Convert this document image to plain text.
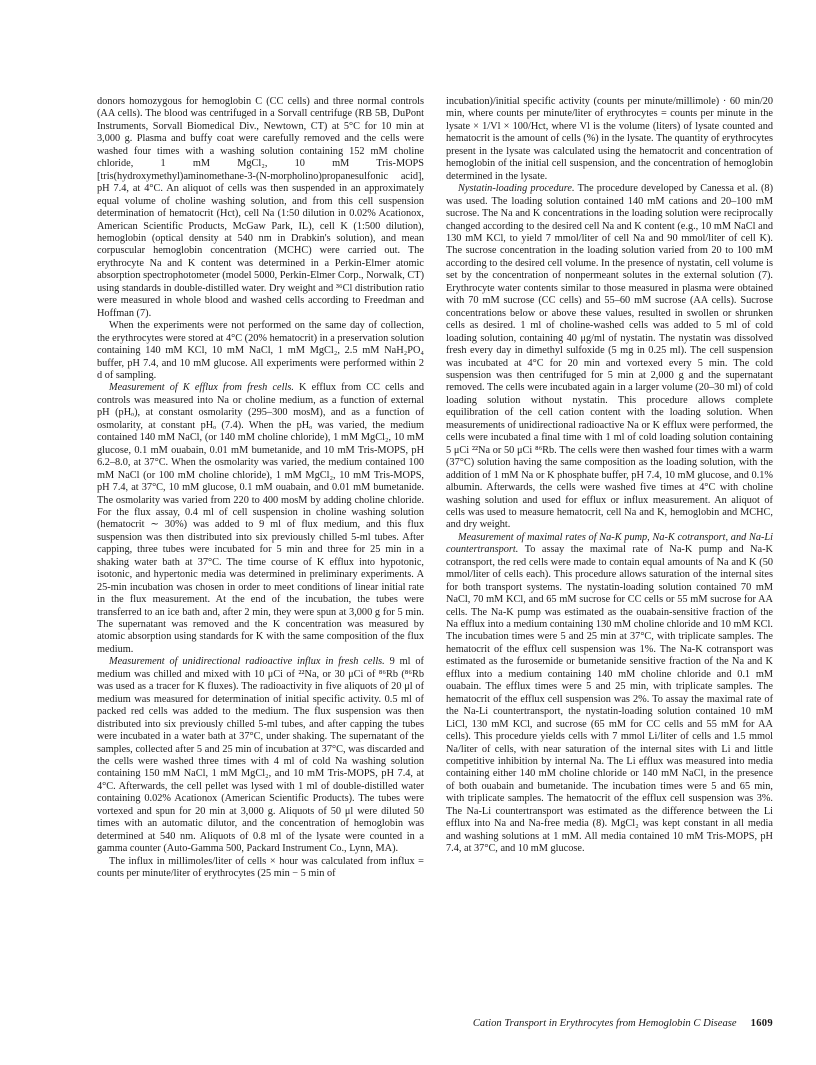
donors homozygous for hemoglobin C (CC cells) and three normal controls (AA cells). The blood was centrifuged in a Sorvall centrifuge (RB 5B, DuPont Instruments, Sorvall Biomedical Div., Newtown, CT) at 5°C for 10 min at 3,000 g. Plasma and buffy coat were carefully removed and the cells were washed four times with a washing solution containing 152 mM choline chloride, 1 mM MgCl₂, 10 mM Tris-MOPS [tris(hydroxymethyl)aminomethane-3-(N-morpholino)propanesulfonic acid], pH 7.4, at 4°C. An aliquot of cells was then suspended in an approximately equal volume of choline washing solution, and from this cell suspension determination of hematocrit (Hct), cell Na (1:50 dilution in 0.02% Acationox, American Scientific Products, McGaw Park, IL), cell K (1:500 dilution), hemoglobin (optical density at 540 nm in Drabkin's solution), and mean corpuscular hemoglobin concentration (MCHC) were carried out. The erythrocyte Na and K content was determined in a Perkin-Elmer atomic absorption spectrophotometer (model 5000, Perkin-Elmer Corp., Norwalk, CT) using standards in double-distilled water. Dry weight and ³⁶Cl distribution ratio were measured in whole blood and washed cells according to Freedman and Hoffman (7).

When the experiments were not performed on the same day of collection, the erythrocytes were stored at 4°C (20% hematocrit) in a preservation solution containing 140 mM KCl, 10 mM NaCl, 1 mM MgCl₂, 2.5 mM NaH₂PO₄ buffer, pH 7.4, and 10 mM glucose. All experiments were performed within 2 d of sampling.

Measurement of K efflux from fresh cells. K efflux from CC cells and controls was measured into Na or choline medium, as a function of external pH (pHₒ), at constant osmolarity (295–300 mosM), and as a function of osmolarity, at constant pHₒ (7.4). When the pHₒ was varied, the medium contained 140 mM NaCl, (or 140 mM choline chloride), 1 mM MgCl₂, 10 mM glucose, 0.1 mM ouabain, 0.01 mM bumetanide, and 10 mM Tris-MOPS, pH 6.2–8.0, at 37°C. When the osmolarity was varied, the medium contained 100 mM NaCl (or 100 mM choline chloride), 1 mM MgCl₂, 10 mM Tris-MOPS, pH 7.4, at 37°C, 10 mM glucose, 0.1 mM ouabain, and 0.01 mM bumetanide. The osmolarity was varied from 220 to 400 mosM by adding choline chloride. For the flux assay, 0.4 ml of cell suspension in choline washing solution (hematocrit ∼ 30%) was added to 9 ml of flux medium, and this flux suspension was then distributed into six previously chilled 5-ml tubes. After capping, three tubes were incubated for 5 min and three for 25 min in a shaking water bath at 37°C. The time course of K efflux into hypotonic, isotonic, and hypertonic media was determined in preliminary experiments. A 25-min incubation was chosen in order to meet conditions of linear initial rate in the flux measurement. At the end of the incubation, the tubes were transferred to an ice bath and, after 2 min, they were spun at 3,000 g for 5 min. The supernatant was removed and the K concentration was measured by atomic absorption using standards for K with the same composition of the flux medium.

Measurement of unidirectional radioactive influx in fresh cells. 9 ml of medium was chilled and mixed with 10 μCi of ²²Na, or 30 μCi of ⁸⁶Rb (⁸⁶Rb was used as a tracer for K fluxes). The radioactivity in five aliquots of 20 μl of medium was measured for determination of initial specific activity. 0.5 ml of packed red cells was added to the medium. The flux suspension was then distributed into six previously chilled 5-ml tubes, and after capping the tubes were incubated in a water bath at 37°C, under shaking. The supernatant of the samples, collected after 5 and 25 min of incubation at 37°C, was discarded and the cells were washed three times with 4 ml of cold Na washing solution containing 150 mM NaCl, 1 mM MgCl₂, and 10 mM Tris-MOPS, pH 7.4, at 4°C. Afterwards, the cell pellet was lysed with 1 ml of double-distilled water containing 0.02% Acationox (American Scientific Products). The tubes were vortexed and spun for 20 min at 3,000 g. Aliquots of 50 μl were diluted 50 times with an automatic dilutor, and the concentration of hemoglobin was determined at 540 nm. Aliquots of 0.8 ml of the lysate were counted in a gamma counter (Auto-Gamma 500, Packard Instrument Co., Lynn, MA).

The influx in millimoles/liter of cells × hour was calculated from influx = counts per minute/liter of erythrocytes (25 min − 5 min of

incubation)/initial specific activity (counts per minute/millimole) · 60 min/20 min, where counts per minute/liter of erythrocytes = counts per minute in the lysate × 1/Vl × 100/Hct, where Vl is the volume (liters) of lysate counted and hematocrit is the amount of cells (%) in the lysate. The quantity of erythrocytes present in the lysate was calculated using the hematocrit and concentration of hemoglobin of the initial cell suspension, and the concentration of hemoglobin determined in the lysate.

Nystatin-loading procedure. The procedure developed by Canessa et al. (8) was used. The loading solution contained 140 mM cations and 20–100 mM sucrose. The Na and K concentrations in the loading solution were reciprocally changed according to the desired cell Na and K content (e.g., 10 mM NaCl and 130 mM KCl, to yield 7 mmol/liter of cell Na and 90 mmol/liter of cell K). The sucrose concentration in the loading solution varied from 20 to 100 mM according to the desired cell volume. In the presence of nystatin, cell volume is set by the concentration of nonpermeant solutes in the external solution (7). Erythrocyte water contents similar to those measured in plasma were obtained with 70 mM sucrose (CC cells) and 55–60 mM sucrose (AA cells). Sucrose concentrations below or above these values, resulted in swollen or shrunken cells as desired. 1 ml of choline-washed cells was added to 5 ml of cold loading solution, containing 40 μg/ml of nystatin. The nystatin was dissolved fresh every day in dimethyl sulfoxide (5 mg in 0.25 ml). The cell suspension was incubated at 4°C for 20 min and vortexed every 5 min. The cold suspension was then centrifuged for 5 min at 2,000 g and the supernatant removed. The cells were incubated again in a larger volume (20–30 ml) of cold loading solution without nystatin. This procedure allows complete equilibration of the cell cation content with the loading solution. When measurements of unidirectional radioactive Na or K efflux were performed, the cells were incubated a final time with 1 ml of cold loading solution containing 5 μCi ²²Na or 50 μCi ⁸⁶Rb. The cells were then washed four times with a warm (37°C) solution having the same composition as the loading solution, with the addition of 1 mM Na or K phosphate buffer, pH 7.4, 10 mM glucose, and 0.1% albumin. Afterwards, the cells were washed five times at 4°C with choline washing solution and used for efflux or influx measurement. An aliquot of cells was used to measure hematocrit, cell Na and K, hemoglobin and MCHC, and dry weight.

Measurement of maximal rates of Na-K pump, Na-K cotransport, and Na-Li countertransport. To assay the maximal rate of Na-K pump and Na-K cotransport, the red cells were made to contain equal amounts of Na and K (50 mmol/liter of cells each). This procedure allows saturation of the internal sites for both transport systems. The nystatin-loading solution contained 70 mM NaCl, 70 mM KCl, and 65 mM sucrose for CC cells or 55 mM sucrose for AA cells. The Na-K pump was estimated as the ouabain-sensitive fraction of the Na efflux into a medium containing 130 mM choline chloride and 10 mM KCl. The incubation times were 5 and 25 min at 37°C, with triplicate samples. The hematocrit of the efflux cell suspension was 1%. The Na-K cotransport was estimated as the furosemide or bumetanide sensitive fraction of the Na and K efflux into a medium containing 140 mM choline chloride and 0.1 mM ouabain. The efflux times were 5 and 25 min, with triplicate samples. The hematocrit of the efflux cell suspension was 2%. To assay the maximal rate of the Na-Li countertransport, the nystatin-loading solution contained 10 mM LiCl, 130 mM KCl, and sucrose (65 mM for CC cells and 55 mM for AA cells). This procedure yields cells with 7 mmol Li/liter of cells and 1.5 mmol Na/liter of cells, with near saturation of the internal sites with Li and little competitive inhibition by internal Na. The Li efflux was measured into media containing either 140 mM choline chloride or 140 mM NaCl, in the presence of both ouabain and bumetanide. The incubation times were 5 and 65 min, with triplicate samples. The hematocrit of the efflux cell suspension was 3%. The Na-Li countertransport was estimated as the difference between the Li efflux into Na and Na-free media (8). MgCl₂ was kept constant in all media and washing solutions at 1 mM. All media contained 10 mM Tris-MOPS, pH 7.4, at 37°C, and 10 mM glucose.

Cation Transport in Erythrocytes from Hemoglobin C Disease 1609
